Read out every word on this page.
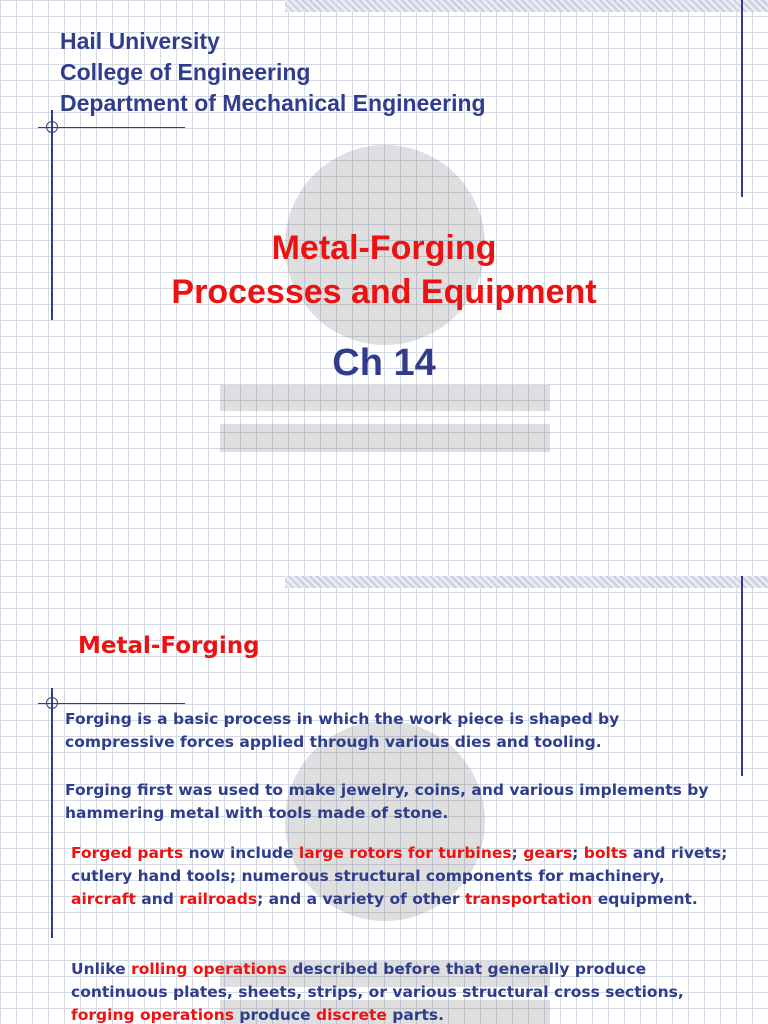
Hail University
College of Engineering
Department of Mechanical Engineering
Metal-Forging
Processes and Equipment
Ch 14
Metal-Forging

Forging is a basic process in which the work piece is shaped by compressive forces applied through various dies and tooling.

Forging first was used to make jewelry, coins, and various implements by hammering metal with tools made of stone.

Forged parts now include large rotors for turbines; gears; bolts and rivets; cutlery hand tools; numerous structural components for machinery, aircraft and railroads; and a variety of other transportation equipment.

Unlike rolling operations described before that generally produce continuous plates, sheets, strips, or various structural cross sections, forging operations produce discrete parts.
